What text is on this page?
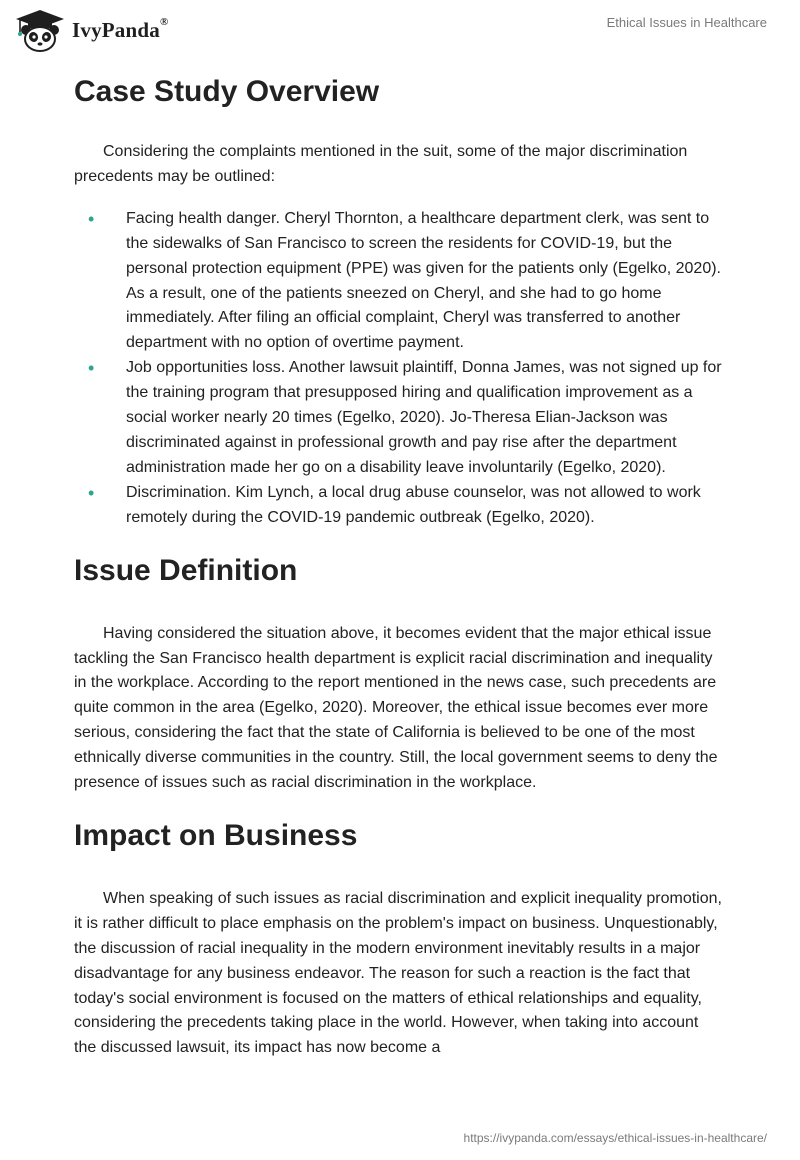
IvyPanda®	Ethical Issues in Healthcare
Case Study Overview

Considering the complaints mentioned in the suit, some of the major discrimination precedents may be outlined:

• Facing health danger. Cheryl Thornton, a healthcare department clerk, was sent to the sidewalks of San Francisco to screen the residents for COVID-19, but the personal protection equipment (PPE) was given for the patients only (Egelko, 2020). As a result, one of the patients sneezed on Cheryl, and she had to go home immediately. After filing an official complaint, Cheryl was transferred to another department with no option of overtime payment.
• Job opportunities loss. Another lawsuit plaintiff, Donna James, was not signed up for the training program that presupposed hiring and qualification improvement as a social worker nearly 20 times (Egelko, 2020). Jo-Theresa Elian-Jackson was discriminated against in professional growth and pay rise after the department administration made her go on a disability leave involuntarily (Egelko, 2020).
• Discrimination. Kim Lynch, a local drug abuse counselor, was not allowed to work remotely during the COVID-19 pandemic outbreak (Egelko, 2020).
Issue Definition

Having considered the situation above, it becomes evident that the major ethical issue tackling the San Francisco health department is explicit racial discrimination and inequality in the workplace. According to the report mentioned in the news case, such precedents are quite common in the area (Egelko, 2020). Moreover, the ethical issue becomes ever more serious, considering the fact that the state of California is believed to be one of the most ethnically diverse communities in the country. Still, the local government seems to deny the presence of issues such as racial discrimination in the workplace.

Impact on Business

When speaking of such issues as racial discrimination and explicit inequality promotion, it is rather difficult to place emphasis on the problem's impact on business. Unquestionably, the discussion of racial inequality in the modern environment inevitably results in a major disadvantage for any business endeavor. The reason for such a reaction is the fact that today's social environment is focused on the matters of ethical relationships and equality, considering the precedents taking place in the world. However, when taking into account the discussed lawsuit, its impact has now become a

https://ivypanda.com/essays/ethical-issues-in-healthcare/
